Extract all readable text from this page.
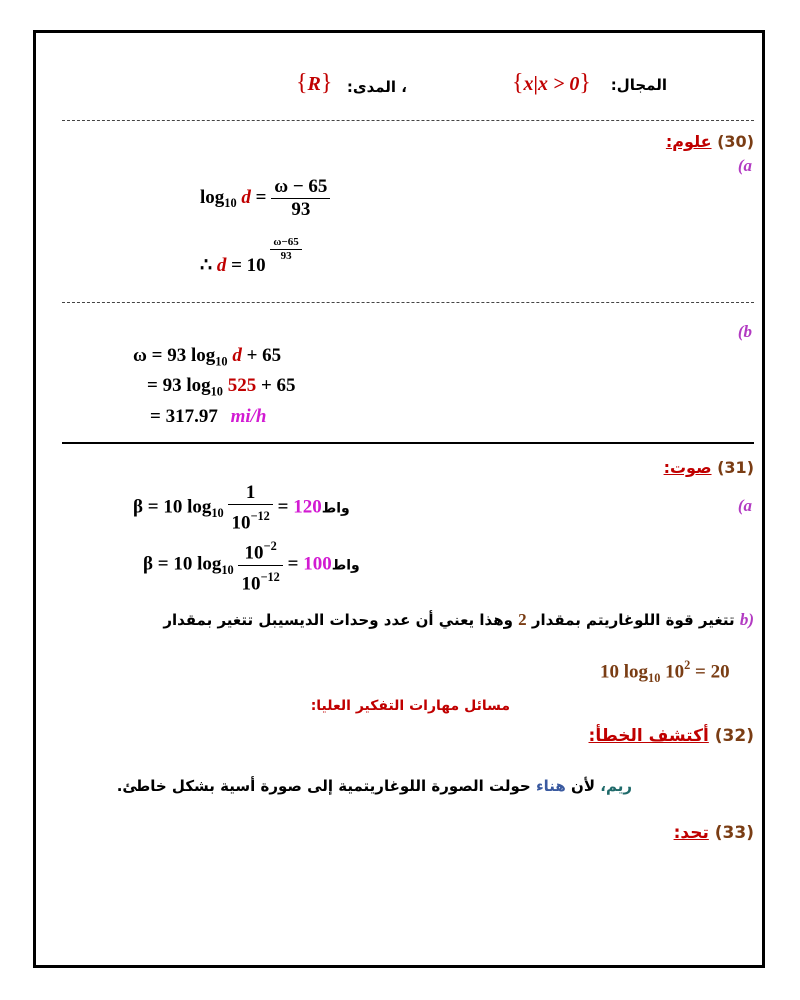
المجال:
{x|x > 0}
، المدى:
{R}
(30) علوم:
(a
$\log_{10} d = \frac{\omega - 65}{93}$
∴ d = 10
$\frac{\omega-65}{93}$
(b
ω = 93 $\log_{10} d + 65$
= 93 $\log_{10} 525 + 65$
= 317.97 mi/h
(31) صوت:
(a
β = 10 $\log_{10} \frac{1}{10^{-12}}$ = 120واط
β = 10 $\log_{10} \frac{10^{-2}}{10^{-12}}$ = 100واط
(b تتغير قوة اللوغاريتم بمقدار 2 وهذا يعني أن عدد وحدات الديسيبل تتغير بمقدار
10 $\log_{10} 10^2 = 20$
مسائل مهارات التفكير العليا:
(32) أكتشف الخطأ:
ريم، لأن هناء حولت الصورة اللوغاريتمية إلى صورة أسية بشكل خاطئ.
(33) تحد:
